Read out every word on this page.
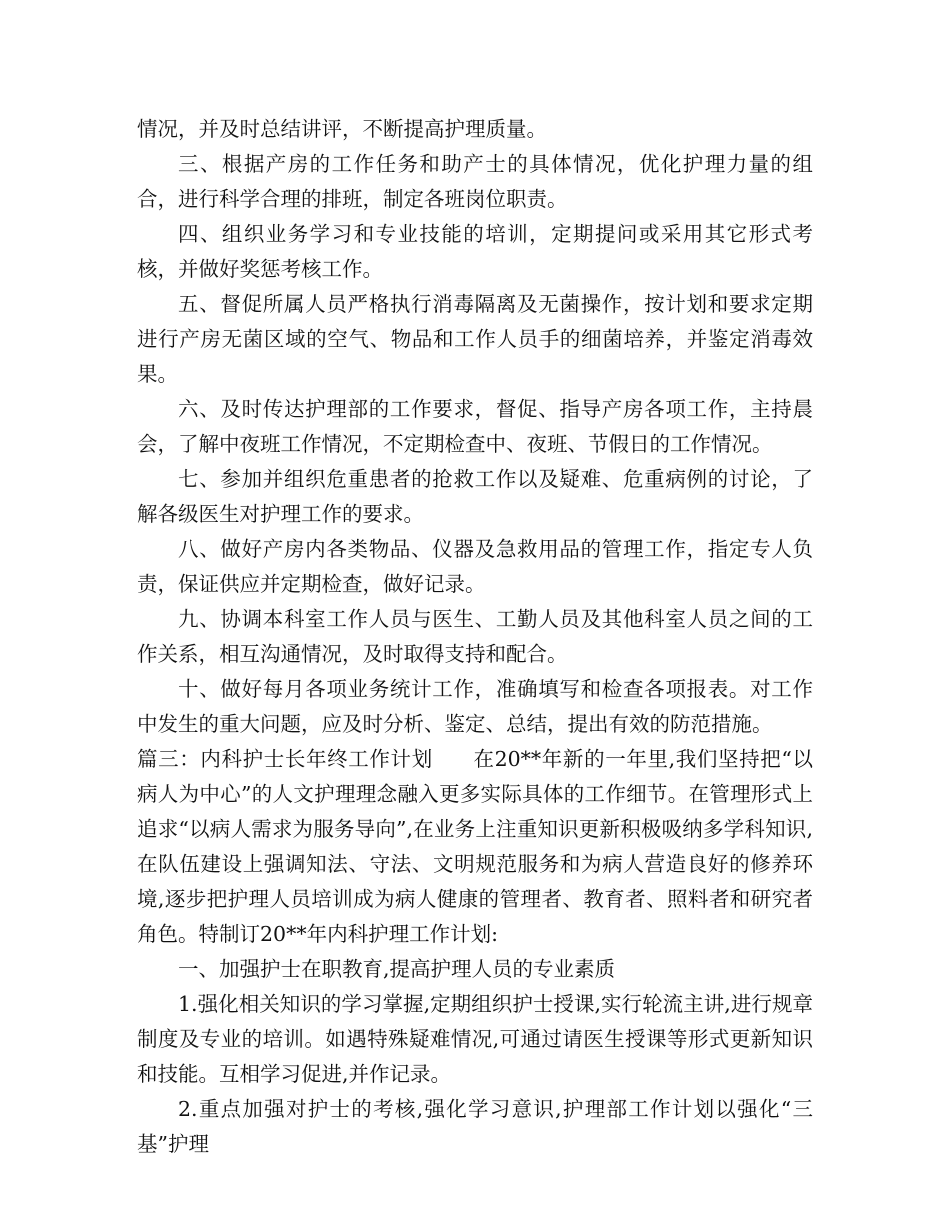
情况，并及时总结讲评，不断提高护理质量。

三、根据产房的工作任务和助产士的具体情况，优化护理力量的组合，进行科学合理的排班，制定各班岗位职责。

四、组织业务学习和专业技能的培训，定期提问或采用其它形式考核，并做好奖惩考核工作。

五、督促所属人员严格执行消毒隔离及无菌操作，按计划和要求定期进行产房无菌区域的空气、物品和工作人员手的细菌培养，并鉴定消毒效果。

六、及时传达护理部的工作要求，督促、指导产房各项工作，主持晨会，了解中夜班工作情况，不定期检查中、夜班、节假日的工作情况。

七、参加并组织危重患者的抢救工作以及疑难、危重病例的讨论，了解各级医生对护理工作的要求。

八、做好产房内各类物品、仪器及急救用品的管理工作，指定专人负责，保证供应并定期检查，做好记录。

九、协调本科室工作人员与医生、工勤人员及其他科室人员之间的工作关系，相互沟通情况，及时取得支持和配合。

十、做好每月各项业务统计工作，准确填写和检查各项报表。对工作中发生的重大问题，应及时分析、鉴定、总结，提出有效的防范措施。

篇三：内科护士长年终工作计划 在20**年新的一年里,我们坚持把“以病人为中心”的人文护理理念融入更多实际具体的工作细节。在管理形式上追求“以病人需求为服务导向”,在业务上注重知识更新积极吸纳多学科知识,在队伍建设上强调知法、守法、文明规范服务和为病人营造良好的修养环境,逐步把护理人员培训成为病人健康的管理者、教育者、照料者和研究者角色。特制订20**年内科护理工作计划:

一、加强护士在职教育,提高护理人员的专业素质

1.强化相关知识的学习掌握,定期组织护士授课,实行轮流主讲,进行规章制度及专业的培训。如遇特殊疑难情况,可通过请医生授课等形式更新知识和技能。互相学习促进,并作记录。

2.重点加强对护士的考核,强化学习意识,护理部工作计划以强化“三基”护理
